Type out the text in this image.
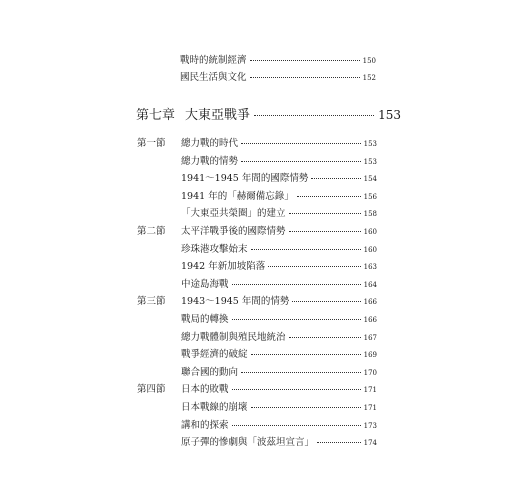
戰時的統制經濟	150
國民生活與文化	152
第七章 大東亞戰爭	153
第一節	總力戰的時代	153
總力戰的情勢	153
1941～1945 年間的國際情勢	154
1941 年的「赫爾備忘錄」	156
「大東亞共榮圈」的建立	158
第二節	太平洋戰爭後的國際情勢	160
珍珠港攻擊始末	160
1942 年新加坡陷落	163
中途島海戰	164
第三節	1943～1945 年間的情勢	166
戰局的轉換	166
總力戰體制與殖民地統治	167
戰爭經濟的破綻	169
聯合國的動向	170
第四節	日本的敗戰	171
日本戰線的崩壞	171
講和的探索	173
原子彈的慘劇與「波茲坦宣言」	174
